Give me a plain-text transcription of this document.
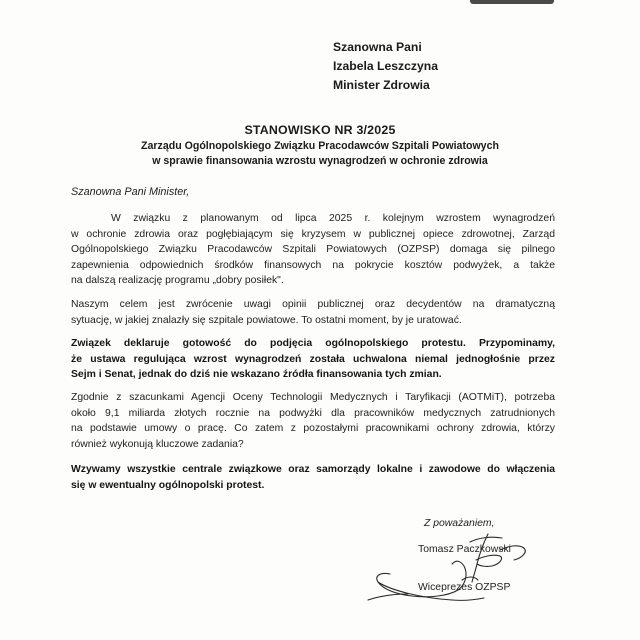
Szanowna Pani
Izabela Leszczyna
Minister Zdrowia
STANOWISKO NR 3/2025
Zarządu Ogólnopolskiego Związku Pracodawców Szpitali Powiatowych
w sprawie finansowania wzrostu wynagrodzeń w ochronie zdrowia
Szanowna Pani Minister,
W związku z planowanym od lipca 2025 r. kolejnym wzrostem wynagrodzeń
w ochronie zdrowia oraz pogłębiającym się kryzysem w publicznej opiece zdrowotnej, Zarząd
Ogólnopolskiego Związku Pracodawców Szpitali Powiatowych (OZPSP) domaga się pilnego
zapewnienia odpowiednich środków finansowych na pokrycie kosztów podwyżek, a także
na dalszą realizację programu „dobry posiłek".
Naszym celem jest zwrócenie uwagi opinii publicznej oraz decydentów na dramatyczną
sytuację, w jakiej znalazły się szpitale powiatowe. To ostatni moment, by je uratować.
Związek deklaruje gotowość do podjęcia ogólnopolskiego protestu. Przypominamy,
że ustawa regulująca wzrost wynagrodzeń została uchwalona niemal jednogłośnie przez
Sejm i Senat, jednak do dziś nie wskazano źródła finansowania tych zmian.
Zgodnie z szacunkami Agencji Oceny Technologii Medycznych i Taryfikacji (AOTMiT), potrzeba
około 9,1 miliarda złotych rocznie na podwyżki dla pracowników medycznych zatrudnionych
na podstawie umowy o pracę. Co zatem z pozostałymi pracownikami ochrony zdrowia, którzy
również wykonują kluczowe zadania?
Wzywamy wszystkie centrale związkowe oraz samorządy lokalne i zawodowe do włączenia
się w ewentualny ogólnopolski protest.
Z poważaniem,
Tomasz Paczkowski
Wiceprezes OZPSP
